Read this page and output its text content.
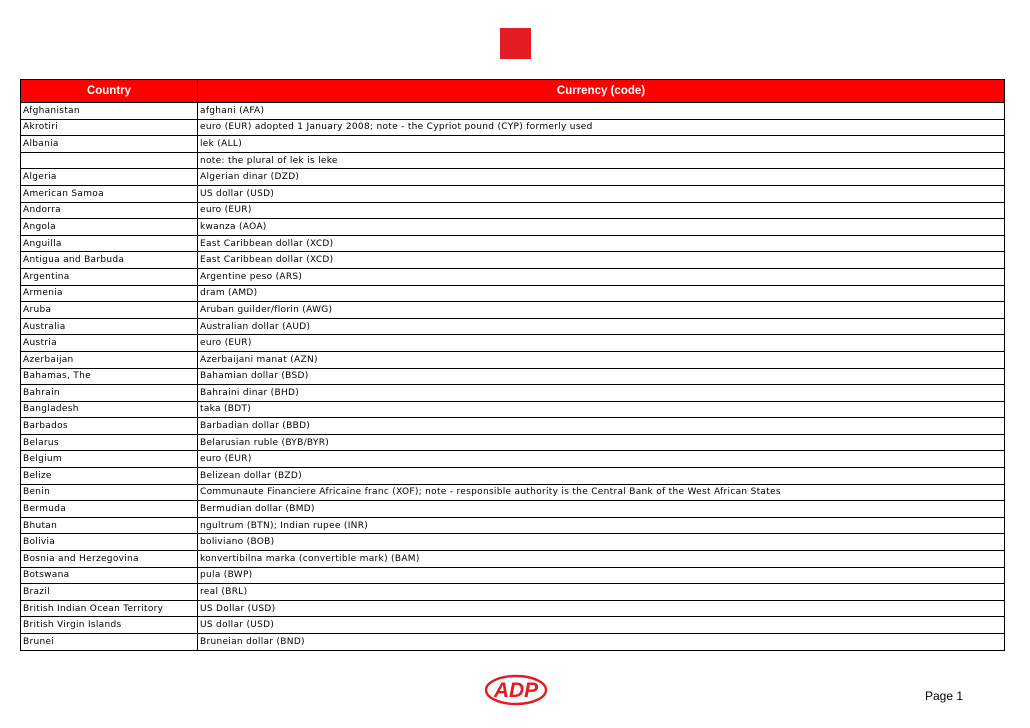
Country	Currency (code)
Afghanistan	afghani (AFA)
Akrotiri	euro (EUR) adopted 1 January 2008; note - the Cypriot pound (CYP) formerly used
Albania	lek (ALL)
	note: the plural of lek is leke
Algeria	Algerian dinar (DZD)
American Samoa	US dollar (USD)
Andorra	euro (EUR)
Angola	kwanza (AOA)
Anguilla	East Caribbean dollar (XCD)
Antigua and Barbuda	East Caribbean dollar (XCD)
Argentina	Argentine peso (ARS)
Armenia	dram (AMD)
Aruba	Aruban guilder/florin (AWG)
Australia	Australian dollar (AUD)
Austria	euro (EUR)
Azerbaijan	Azerbaijani manat (AZN)
Bahamas, The	Bahamian dollar (BSD)
Bahrain	Bahraini dinar (BHD)
Bangladesh	taka (BDT)
Barbados	Barbadian dollar (BBD)
Belarus	Belarusian ruble (BYB/BYR)
Belgium	euro (EUR)
Belize	Belizean dollar (BZD)
Benin	Communaute Financiere Africaine franc (XOF); note - responsible authority is the Central Bank of the West African States
Bermuda	Bermudian dollar (BMD)
Bhutan	ngultrum (BTN); Indian rupee (INR)
Bolivia	boliviano (BOB)
Bosnia and Herzegovina	konvertibilna marka (convertible mark) (BAM)
Botswana	pula (BWP)
Brazil	real (BRL)
British Indian Ocean Territory	US Dollar (USD)
British Virgin Islands	US dollar (USD)
Brunei	Bruneian dollar (BND)
ADP	Page 1
